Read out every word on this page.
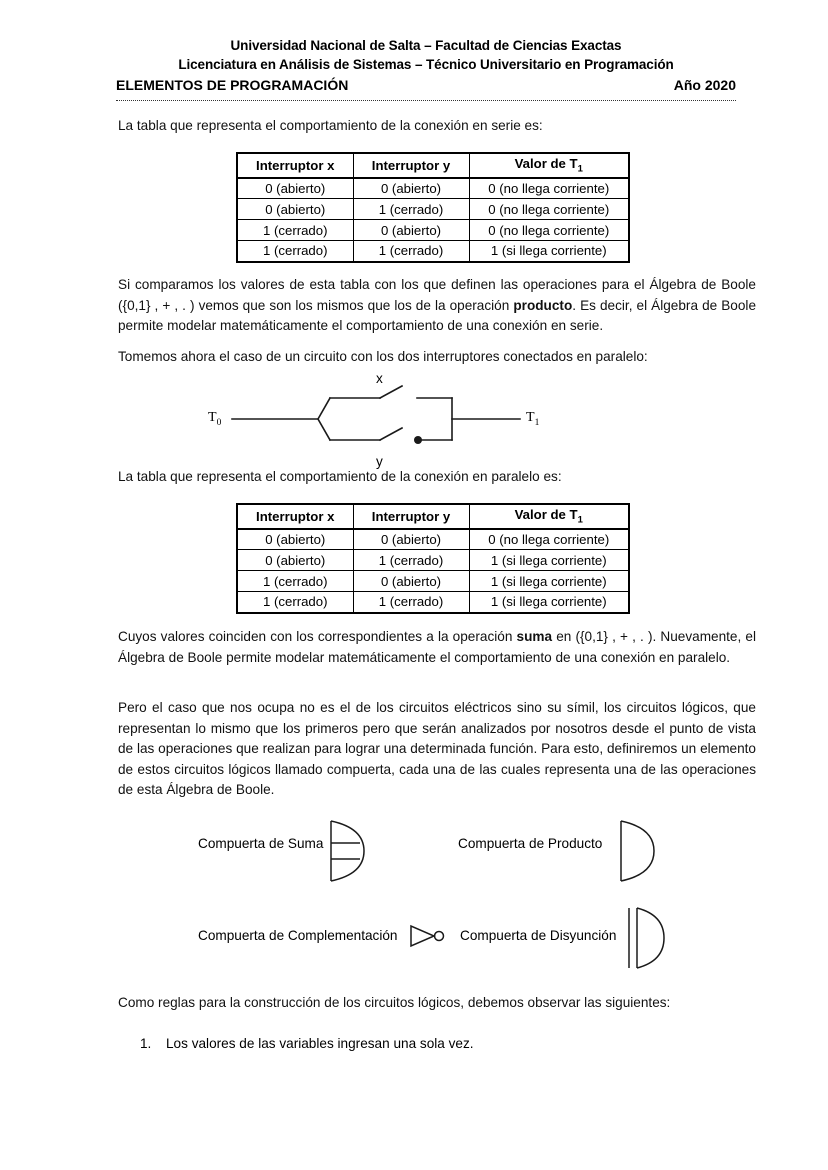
Universidad Nacional de Salta – Facultad de Ciencias Exactas
Licenciatura en Análisis de Sistemas – Técnico Universitario en Programación
ELEMENTOS DE PROGRAMACIÓN	Año 2020
La tabla que representa el comportamiento de la conexión en serie es:
Interruptor x	Interruptor y	Valor de $T_1$
0 (abierto)	0 (abierto)	0 (no llega corriente)
0 (abierto)	1 (cerrado)	0 (no llega corriente)
1 (cerrado)	0 (abierto)	0 (no llega corriente)
1 (cerrado)	1 (cerrado)	1 (si llega corriente)
Si comparamos los valores de esta tabla con los que definen las operaciones para el Álgebra de Boole ({0,1} , + , . ) vemos que son los mismos que los de la operación producto. Es decir, el Álgebra de Boole permite modelar matemáticamente el comportamiento de una conexión en serie.
Tomemos ahora el caso de un circuito con los dos interruptores conectados en paralelo:
$T_0$	$T_1$
x
y
La tabla que representa el comportamiento de la conexión en paralelo es:
Interruptor x	Interruptor y	Valor de $T_1$
0 (abierto)	0 (abierto)	0 (no llega corriente)
0 (abierto)	1 (cerrado)	1 (si llega corriente)
1 (cerrado)	0 (abierto)	1 (si llega corriente)
1 (cerrado)	1 (cerrado)	1 (si llega corriente)
Cuyos valores coinciden con los correspondientes a la operación suma en ({0,1} , + , . ). Nuevamente, el Álgebra de Boole permite modelar matemáticamente el comportamiento de una conexión en paralelo.
Pero el caso que nos ocupa no es el de los circuitos eléctricos sino su símil, los circuitos lógicos, que representan lo mismo que los primeros pero que serán analizados por nosotros desde el punto de vista de las operaciones que realizan para lograr una determinada función. Para esto, definiremos un elemento de estos circuitos lógicos llamado compuerta, cada una de las cuales representa una de las operaciones de esta Álgebra de Boole.
Compuerta de Suma	Compuerta de Producto
Compuerta de Complementación	Compuerta de Disyunción
Como reglas para la construcción de los circuitos lógicos, debemos observar las siguientes:
1. Los valores de las variables ingresan una sola vez.
